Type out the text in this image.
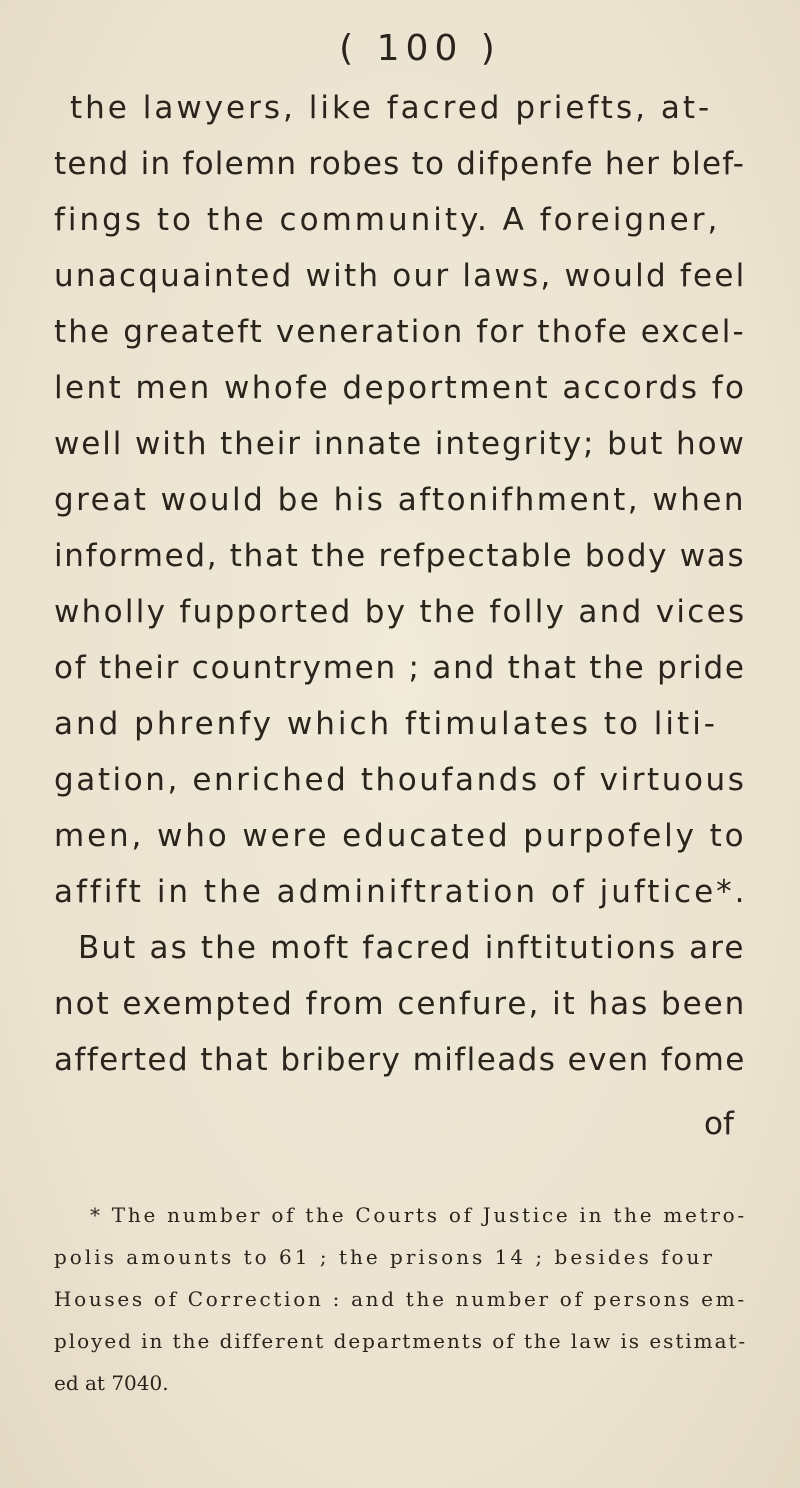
( 100 )
the lawyers, like facred priefts, at-
tend in folemn robes to difpenfe her blef-
fings to the community. A foreigner,
unacquainted with our laws, would feel
the greateft veneration for thofe excel-
lent men whofe deportment accords fo
well with their innate integrity; but how
great would be his aftonifhment, when
informed, that the refpectable body was
wholly fupported by the folly and vices
of their countrymen ; and that the pride
and phrenfy which ftimulates to liti-
gation, enriched thoufands of virtuous
men, who were educated purpofely to
affift in the adminiftration of juftice*.
But as the moft facred inftitutions are
not exempted from cenfure, it has been
afferted that bribery mifleads even fome
of
* The number of the Courts of Justice in the metro-
polis amounts to 61 ; the prisons 14 ; besides four
Houses of Correction : and the number of persons em-
ployed in the different departments of the law is estimat-
ed at 7040.
